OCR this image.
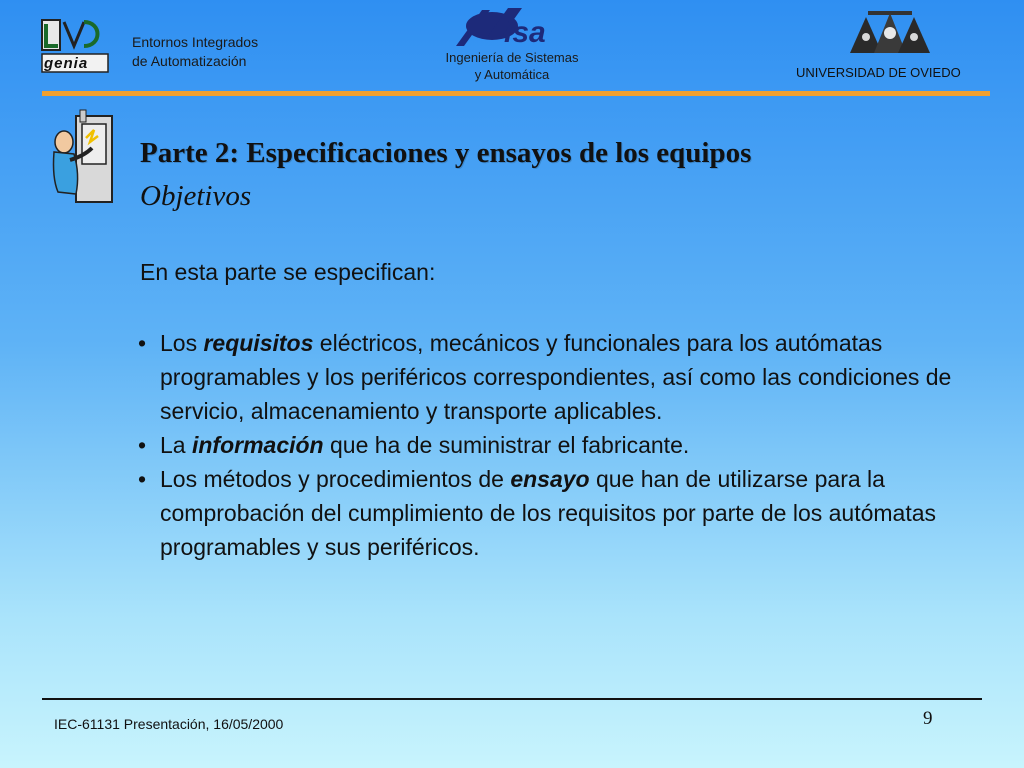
genia
Entornos Integrados
de Automatización
isa
Ingeniería de Sistemas
y Automática	UNIVERSIDAD DE OVIEDO
Parte 2: Especificaciones y ensayos de los equipos
Objetivos
En esta parte se especifican:
• Los requisitos eléctricos, mecánicos y funcionales para los autómatas programables y los periféricos correspondientes, así como las condiciones de servicio, almacenamiento y transporte aplicables.
• La información que ha de suministrar el fabricante.
• Los métodos y procedimientos de ensayo que han de utilizarse para la comprobación del cumplimiento de los requisitos por parte de los autómatas programables y sus periféricos.
IEC-61131 Presentación, 16/05/2000	9
